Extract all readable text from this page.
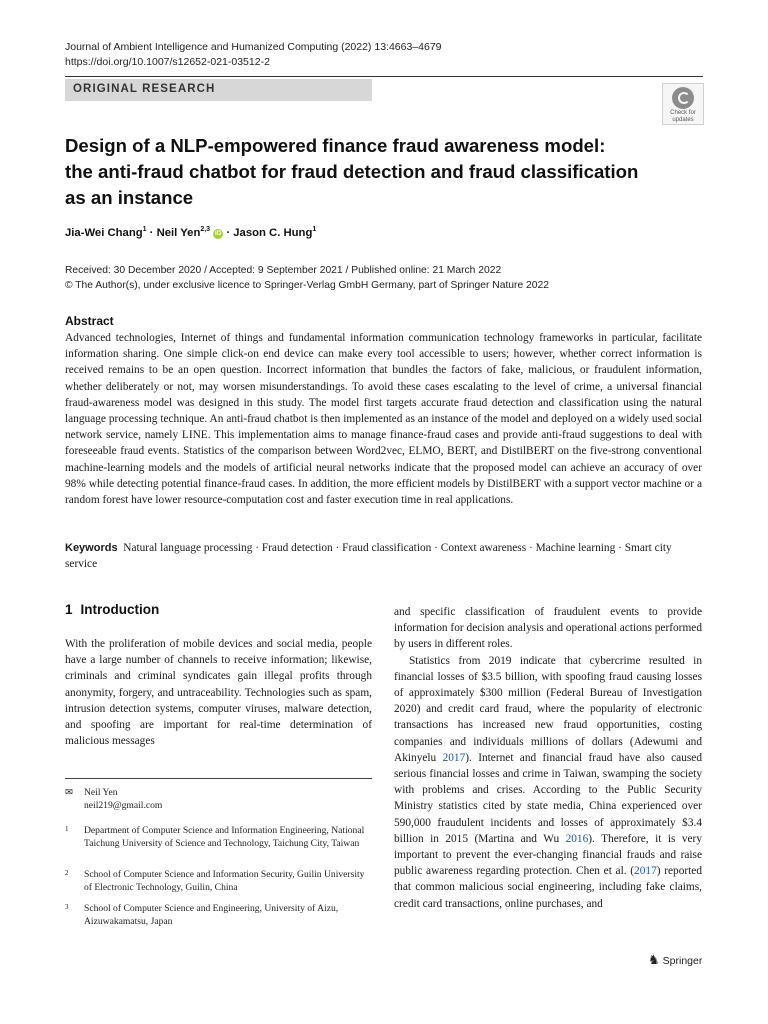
Journal of Ambient Intelligence and Humanized Computing (2022) 13:4663–4679
https://doi.org/10.1007/s12652-021-03512-2
ORIGINAL RESEARCH
Check for
updates
Design of a NLP-empowered finance fraud awareness model:
the anti-fraud chatbot for fraud detection and fraud classification
as an instance
Jia-Wei Chang$^1$ · Neil Yen$^{2,3}$ iD · Jason C. Hung$^1$
Received: 30 December 2020 / Accepted: 9 September 2021 / Published online: 21 March 2022
© The Author(s), under exclusive licence to Springer-Verlag GmbH Germany, part of Springer Nature 2022
Abstract
Advanced technologies, Internet of things and fundamental information communication technology frameworks in particular, facilitate information sharing. One simple click-on end device can make every tool accessible to users; however, whether correct information is received remains to be an open question. Incorrect information that bundles the factors of fake, malicious, or fraudulent information, whether deliberately or not, may worsen misunderstandings. To avoid these cases escalating to the level of crime, a universal financial fraud-awareness model was designed in this study. The model first targets accurate fraud detection and classification using the natural language processing technique. An anti-fraud chatbot is then implemented as an instance of the model and deployed on a widely used social network service, namely LINE. This implementation aims to manage finance-fraud cases and provide anti-fraud suggestions to deal with foreseeable fraud events. Statistics of the comparison between Word2vec, ELMO, BERT, and DistilBERT on the five-strong conventional machine-learning models and the models of artificial neural networks indicate that the proposed model can achieve an accuracy of over 98% while detecting potential finance-fraud cases. In addition, the more efficient models by DistilBERT with a support vector machine or a random forest have lower resource-computation cost and faster execution time in real applications.
Keywords Natural language processing · Fraud detection · Fraud classification · Context awareness · Machine learning · Smart city service
1 Introduction

With the proliferation of mobile devices and social media, people have a large number of channels to receive information; likewise, criminals and criminal syndicates gain illegal profits through anonymity, forgery, and untraceability. Technologies such as spam, intrusion detection systems, computer viruses, malware detection, and spoofing are important for real-time determination of malicious messages

and specific classification of fraudulent events to provide information for decision analysis and operational actions performed by users in different roles.

Statistics from 2019 indicate that cybercrime resulted in financial losses of $3.5 billion, with spoofing fraud causing losses of approximately $300 million (Federal Bureau of Investigation 2020) and credit card fraud, where the popularity of electronic transactions has increased new fraud opportunities, costing companies and individuals millions of dollars (Adewumi and Akinyelu 2017). Internet and financial fraud have also caused serious financial losses and crime in Taiwan, swamping the society with problems and crises. According to the Public Security Ministry statistics cited by state media, China experienced over 590,000 fraudulent incidents and losses of approximately $3.4 billion in 2015 (Martina and Wu 2016). Therefore, it is very important to prevent the ever-changing financial frauds and raise public awareness regarding protection. Chen et al. (2017) reported that common malicious social engineering, including fake claims, credit card transactions, online purchases, and

✉ Neil Yen
neil219@gmail.com
1	Department of Computer Science and Information Engineering, National Taichung University of Science and Technology, Taichung City, Taiwan
2	School of Computer Science and Information Security, Guilin University of Electronic Technology, Guilin, China
3	School of Computer Science and Engineering, University of Aizu, Aizuwakamatsu, Japan
♞ Springer
